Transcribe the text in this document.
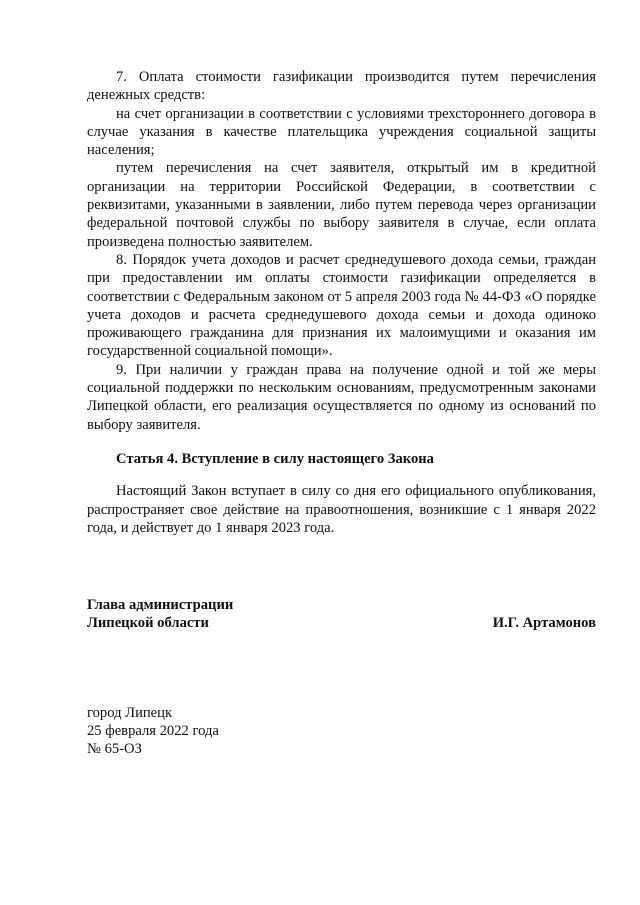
7. Оплата стоимости газификации производится путем перечисления денежных средств:

на счет организации в соответствии с условиями трехстороннего договора в случае указания в качестве плательщика учреждения социальной защиты населения;

путем перечисления на счет заявителя, открытый им в кредитной организации на территории Российской Федерации, в соответствии с реквизитами, указанными в заявлении, либо путем перевода через организации федеральной почтовой службы по выбору заявителя в случае, если оплата произведена полностью заявителем.

8. Порядок учета доходов и расчет среднедушевого дохода семьи, граждан при предоставлении им оплаты стоимости газификации определяется в соответствии с Федеральным законом от 5 апреля 2003 года № 44-ФЗ «О порядке учета доходов и расчета среднедушевого дохода семьи и дохода одиноко проживающего гражданина для признания их малоимущими и оказания им государственной социальной помощи».

9. При наличии у граждан права на получение одной и той же меры социальной поддержки по нескольким основаниям, предусмотренным законами Липецкой области, его реализация осуществляется по одному из оснований по выбору заявителя.

Статья 4. Вступление в силу настоящего Закона

Настоящий Закон вступает в силу со дня его официального опубликования, распространяет свое действие на правоотношения, возникшие с 1 января 2022 года, и действует до 1 января 2023 года.

Глава администрации
Липецкой области	И.Г. Артамонов

город Липецк

25 февраля 2022 года

№ 65-ОЗ
